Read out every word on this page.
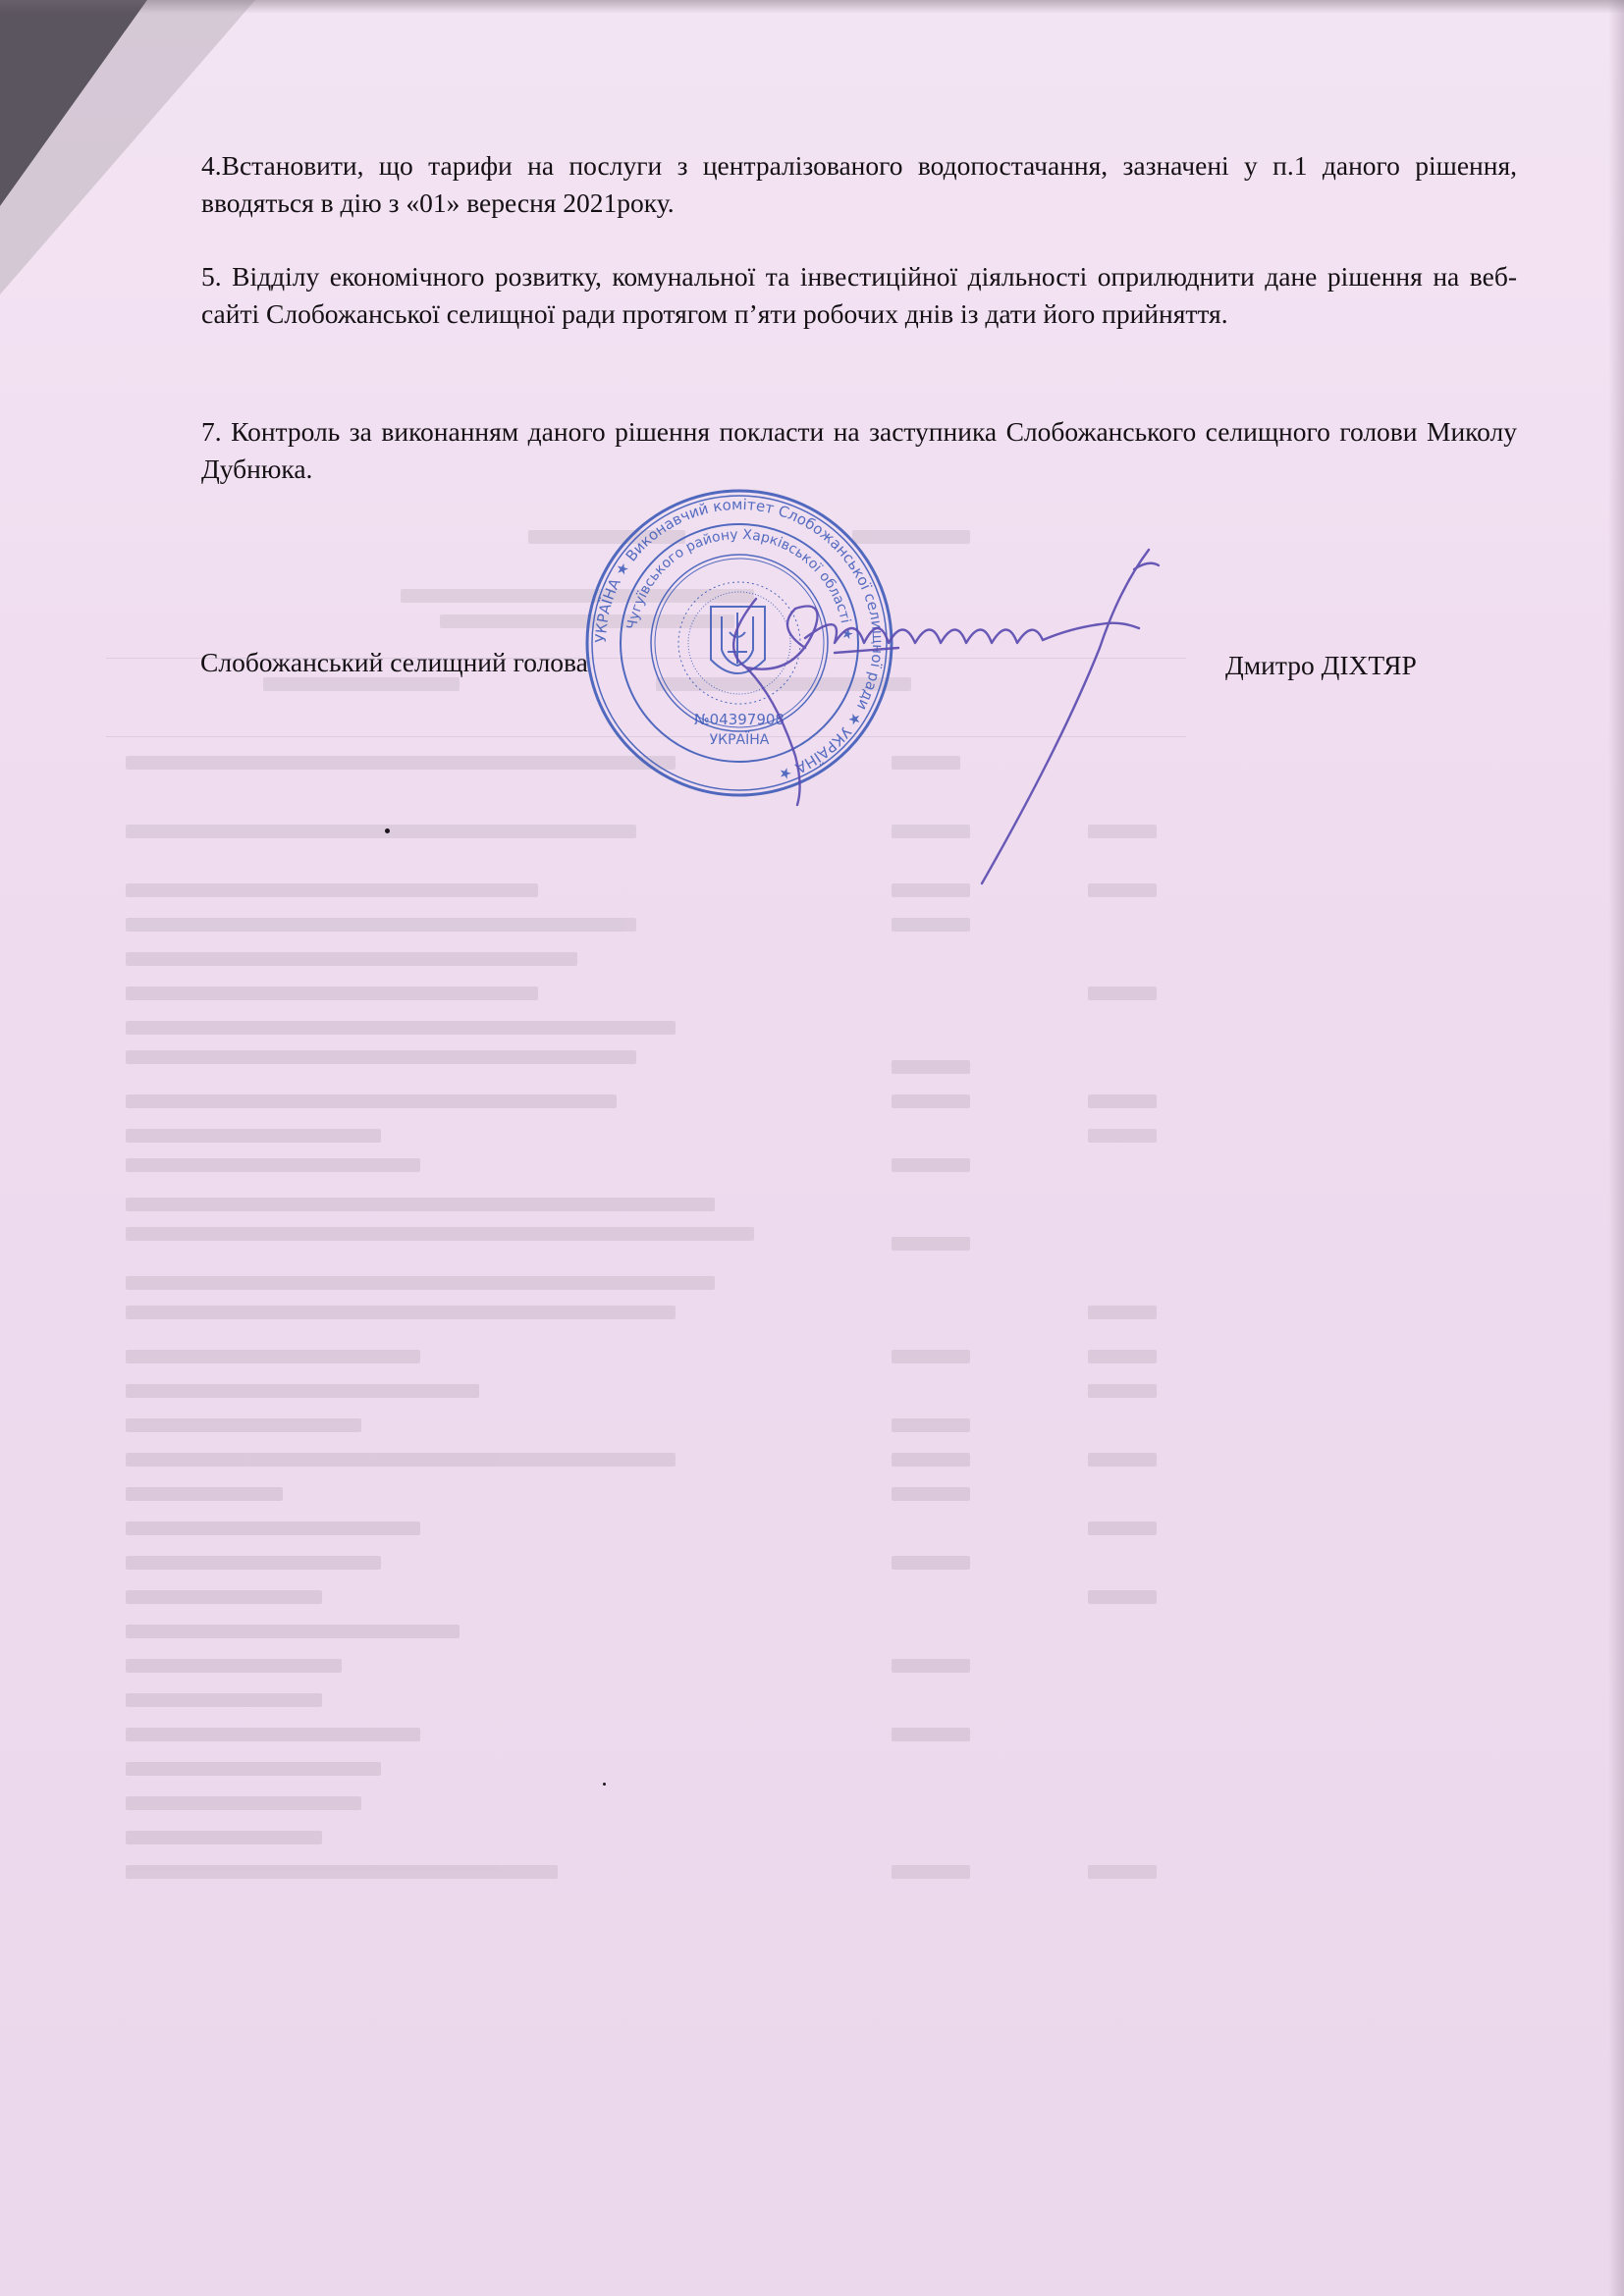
4.Встановити, що тарифи на послуги з централізованого водопостачання, зазначені у п.1 даного рішення, вводяться в дію з «01» вересня 2021року.
5. Відділу економічного розвитку, комунальної та інвестиційної діяльності оприлюднити дане рішення на веб-сайті Слобожанської селищної ради протягом п’яти робочих днів із дати його прийняття.
7. Контроль за виконанням даного рішення покласти на заступника Слобожанського селищного голови Миколу Дубнюка.
Слобожанський селищний голова	Дмитро ДІХТЯР
УКРАЇНА ★ Виконавчий комітет Слобожанської селищної ради ★ УКРАЇНА ★
Чугуївського району Харківської області ★
№04397908
УКРАЇНА
